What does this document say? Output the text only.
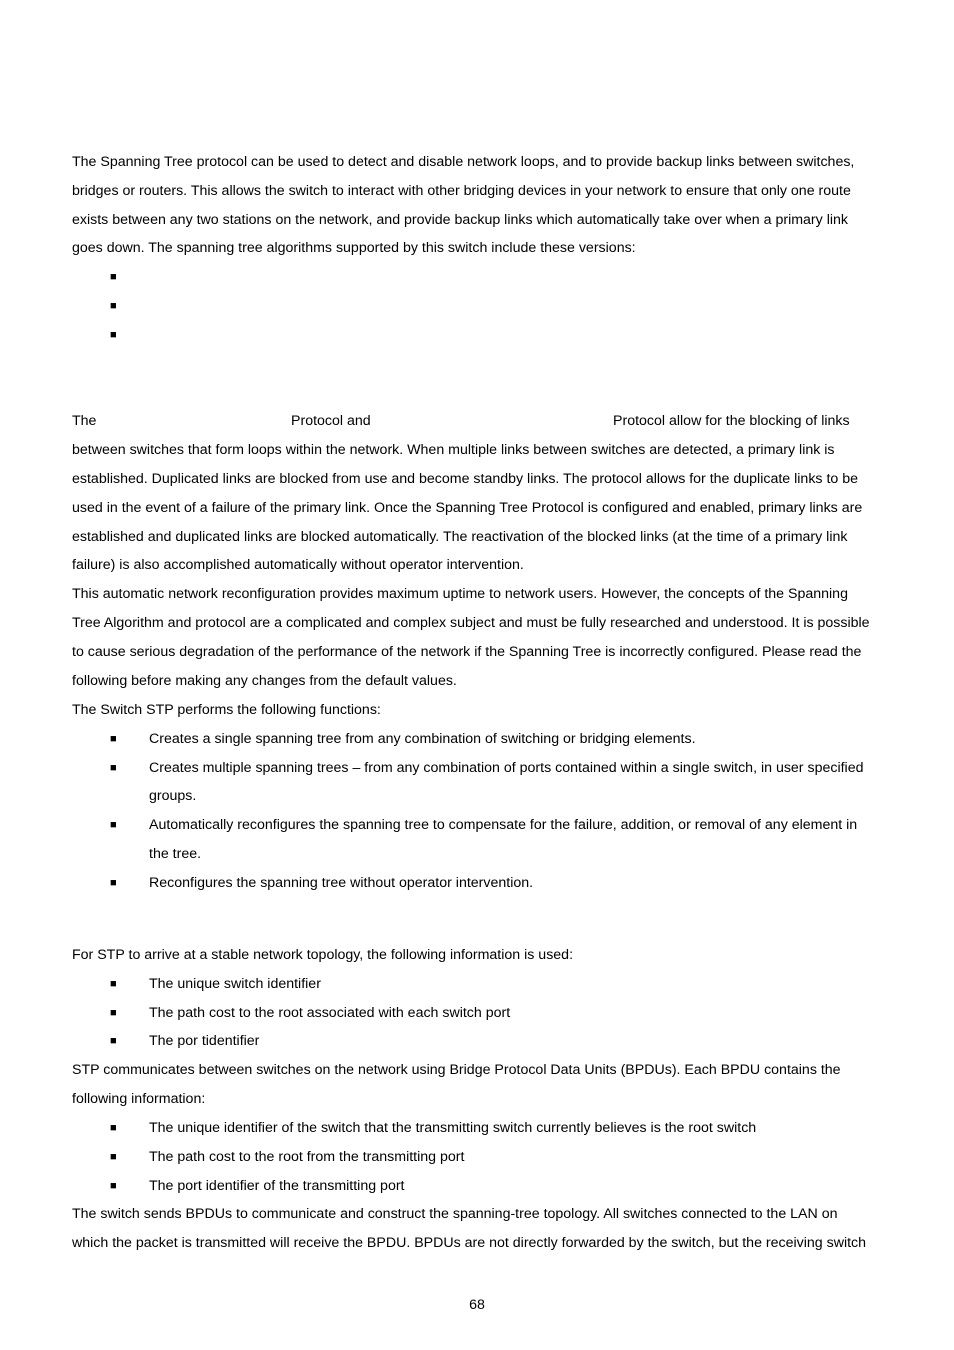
The Spanning Tree protocol can be used to detect and disable network loops, and to provide backup links between switches,
bridges or routers. This allows the switch to interact with other bridging devices in your network to ensure that only one route
exists between any two stations on the network, and provide backup links which automatically take over when a primary link
goes down. The spanning tree algorithms supported by this switch include these versions:
■
■
■
The	Protocol and	Protocol allow for the blocking of links
between switches that form loops within the network. When multiple links between switches are detected, a primary link is
established. Duplicated links are blocked from use and become standby links. The protocol allows for the duplicate links to be
used in the event of a failure of the primary link. Once the Spanning Tree Protocol is configured and enabled, primary links are
established and duplicated links are blocked automatically. The reactivation of the blocked links (at the time of a primary link
failure) is also accomplished automatically without operator intervention.
This automatic network reconfiguration provides maximum uptime to network users. However, the concepts of the Spanning
Tree Algorithm and protocol are a complicated and complex subject and must be fully researched and understood. It is possible
to cause serious degradation of the performance of the network if the Spanning Tree is incorrectly configured. Please read the
following before making any changes from the default values.
The Switch STP performs the following functions:
■ Creates a single spanning tree from any combination of switching or bridging elements.
■ Creates multiple spanning trees – from any combination of ports contained within a single switch, in user specified
groups.
■ Automatically reconfigures the spanning tree to compensate for the failure, addition, or removal of any element in
the tree.
■ Reconfigures the spanning tree without operator intervention.
For STP to arrive at a stable network topology, the following information is used:
■ The unique switch identifier
■ The path cost to the root associated with each switch port
■ The por tidentifier
STP communicates between switches on the network using Bridge Protocol Data Units (BPDUs). Each BPDU contains the
following information:
■ The unique identifier of the switch that the transmitting switch currently believes is the root switch
■ The path cost to the root from the transmitting port
■ The port identifier of the transmitting port
The switch sends BPDUs to communicate and construct the spanning-tree topology. All switches connected to the LAN on
which the packet is transmitted will receive the BPDU. BPDUs are not directly forwarded by the switch, but the receiving switch
68
